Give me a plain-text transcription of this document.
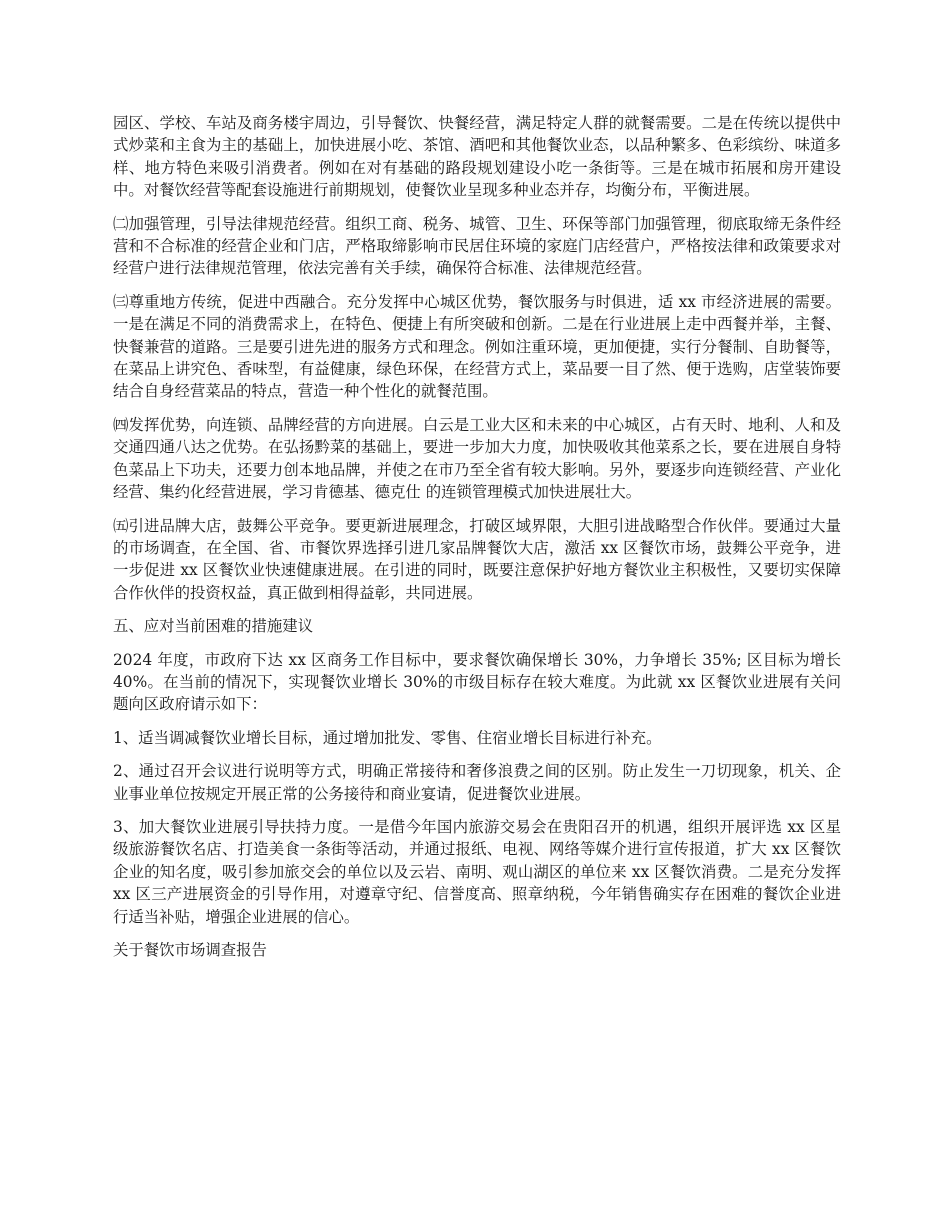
园区、学校、车站及商务楼宇周边，引导餐饮、快餐经营，满足特定人群的就餐需要。二是在传统以提供中式炒菜和主食为主的基础上，加快进展小吃、茶馆、酒吧和其他餐饮业态，以品种繁多、色彩缤纷、味道多样、地方特色来吸引消费者。例如在对有基础的路段规划建设小吃一条街等。三是在城市拓展和房开建设中。对餐饮经营等配套设施进行前期规划，使餐饮业呈现多种业态并存，均衡分布，平衡进展。

㈡加强管理，引导法律规范经营。组织工商、税务、城管、卫生、环保等部门加强管理，彻底取缔无条件经营和不合标准的经营企业和门店，严格取缔影响市民居住环境的家庭门店经营户，严格按法律和政策要求对经营户进行法律规范管理，依法完善有关手续，确保符合标准、法律规范经营。

㈢尊重地方传统，促进中西融合。充分发挥中心城区优势，餐饮服务与时俱进，适 xx 市经济进展的需要。一是在满足不同的消费需求上，在特色、便捷上有所突破和创新。二是在行业进展上走中西餐并举，主餐、快餐兼营的道路。三是要引进先进的服务方式和理念。例如注重环境，更加便捷，实行分餐制、自助餐等，在菜品上讲究色、香味型，有益健康，绿色环保，在经营方式上，菜品要一目了然、便于选购，店堂装饰要结合自身经营菜品的特点，营造一种个性化的就餐范围。

㈣发挥优势，向连锁、品牌经营的方向进展。白云是工业大区和未来的中心城区，占有天时、地利、人和及交通四通八达之优势。在弘扬黔菜的基础上，要进一步加大力度，加快吸收其他菜系之长，要在进展自身特色菜品上下功夫，还要力创本地品牌，并使之在市乃至全省有较大影响。另外，要逐步向连锁经营、产业化经营、集约化经营进展，学习肯德基、德克仕 的连锁管理模式加快进展壮大。

㈤引进品牌大店，鼓舞公平竞争。要更新进展理念，打破区域界限，大胆引进战略型合作伙伴。要通过大量的市场调查，在全国、省、市餐饮界选择引进几家品牌餐饮大店，激活 xx 区餐饮市场，鼓舞公平竞争，进一步促进 xx 区餐饮业快速健康进展。在引进的同时，既要注意保护好地方餐饮业主积极性，又要切实保障合作伙伴的投资权益，真正做到相得益彰，共同进展。

五、应对当前困难的措施建议

2024 年度，市政府下达 xx 区商务工作目标中，要求餐饮确保增长 30%，力争增长 35%; 区目标为增长 40%。在当前的情况下，实现餐饮业增长 30%的市级目标存在较大难度。为此就 xx 区餐饮业进展有关问题向区政府请示如下：

1、适当调减餐饮业增长目标，通过增加批发、零售、住宿业增长目标进行补充。

2、通过召开会议进行说明等方式，明确正常接待和奢侈浪费之间的区别。防止发生一刀切现象，机关、企业事业单位按规定开展正常的公务接待和商业宴请，促进餐饮业进展。

3、加大餐饮业进展引导扶持力度。一是借今年国内旅游交易会在贵阳召开的机遇，组织开展评选 xx 区星级旅游餐饮名店、打造美食一条街等活动，并通过报纸、电视、网络等媒介进行宣传报道，扩大 xx 区餐饮企业的知名度，吸引参加旅交会的单位以及云岩、南明、观山湖区的单位来 xx 区餐饮消费。二是充分发挥 xx 区三产进展资金的引导作用，对遵章守纪、信誉度高、照章纳税，今年销售确实存在困难的餐饮企业进行适当补贴，增强企业进展的信心。

关于餐饮市场调查报告
